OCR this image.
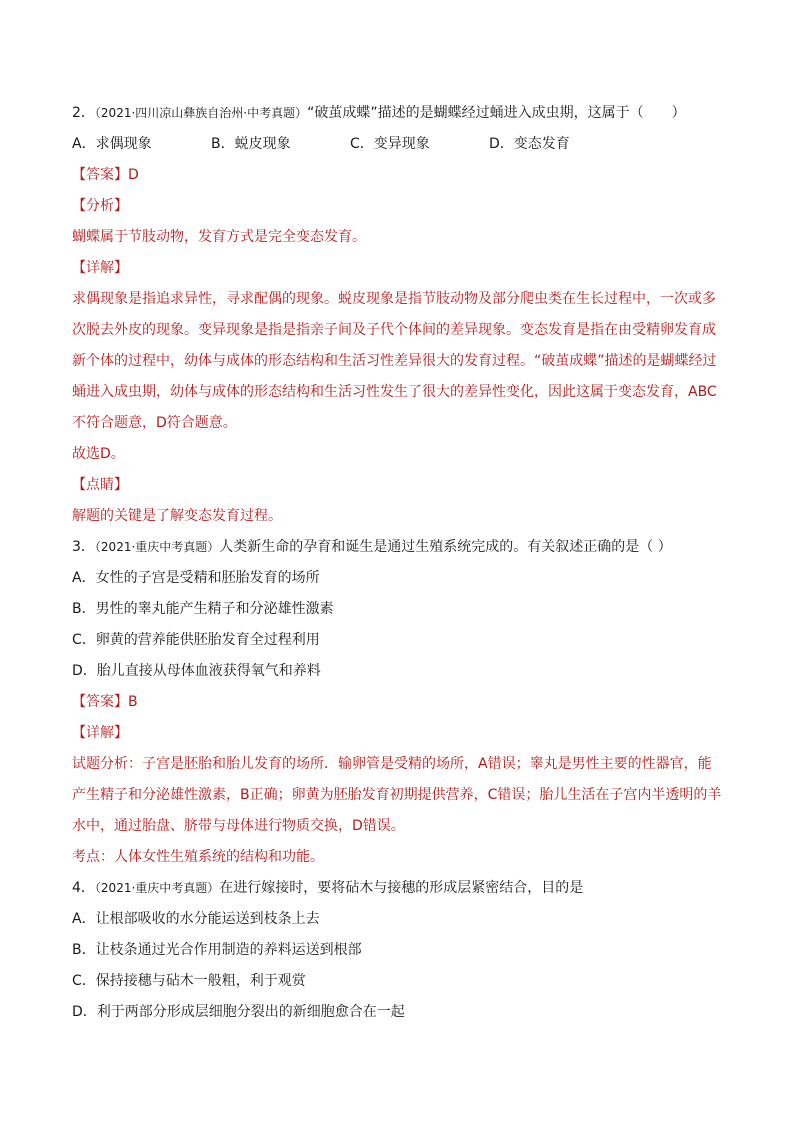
2．（2021·四川凉山彝族自治州·中考真题）“破茧成蝶”描述的是蝴蝶经过蛹进入成虫期，这属于（　　）
A．求偶现象	B．蜕皮现象	C．变异现象	D．变态发育
【答案】D
【分析】
蝴蝶属于节肢动物，发育方式是完全变态发育。
【详解】
求偶现象是指追求异性，寻求配偶的现象。蜕皮现象是指节肢动物及部分爬虫类在生长过程中，一次或多次脱去外皮的现象。变异现象是指是指亲子间及子代个体间的差异现象。变态发育是指在由受精卵发育成新个体的过程中，幼体与成体的形态结构和生活习性差异很大的发育过程。“破茧成蝶”描述的是蝴蝶经过蛹进入成虫期，幼体与成体的形态结构和生活习性发生了很大的差异性变化，因此这属于变态发育，ABC不符合题意，D符合题意。
故选D。
【点睛】
解题的关键是了解变态发育过程。
3．（2021·重庆中考真题）人类新生命的孕育和诞生是通过生殖系统完成的。有关叙述正确的是（ ）
A．女性的子宫是受精和胚胎发育的场所
B．男性的睾丸能产生精子和分泌雄性激素
C．卵黄的营养能供胚胎发育全过程利用
D．胎儿直接从母体血液获得氧气和养料
【答案】B
【详解】
试题分析：子宫是胚胎和胎儿发育的场所．输卵管是受精的场所，A错误；睾丸是男性主要的性器官，能产生精子和分泌雄性激素，B正确；卵黄为胚胎发育初期提供营养，C错误；胎儿生活在子宫内半透明的羊水中，通过胎盘、脐带与母体进行物质交换，D错误。
考点：人体女性生殖系统的结构和功能。
4．（2021·重庆中考真题）在进行嫁接时，要将砧木与接穗的形成层紧密结合，目的是
A．让根部吸收的水分能运送到枝条上去
B．让枝条通过光合作用制造的养料运送到根部
C．保持接穗与砧木一般粗，利于观赏
D．利于两部分形成层细胞分裂出的新细胞愈合在一起
